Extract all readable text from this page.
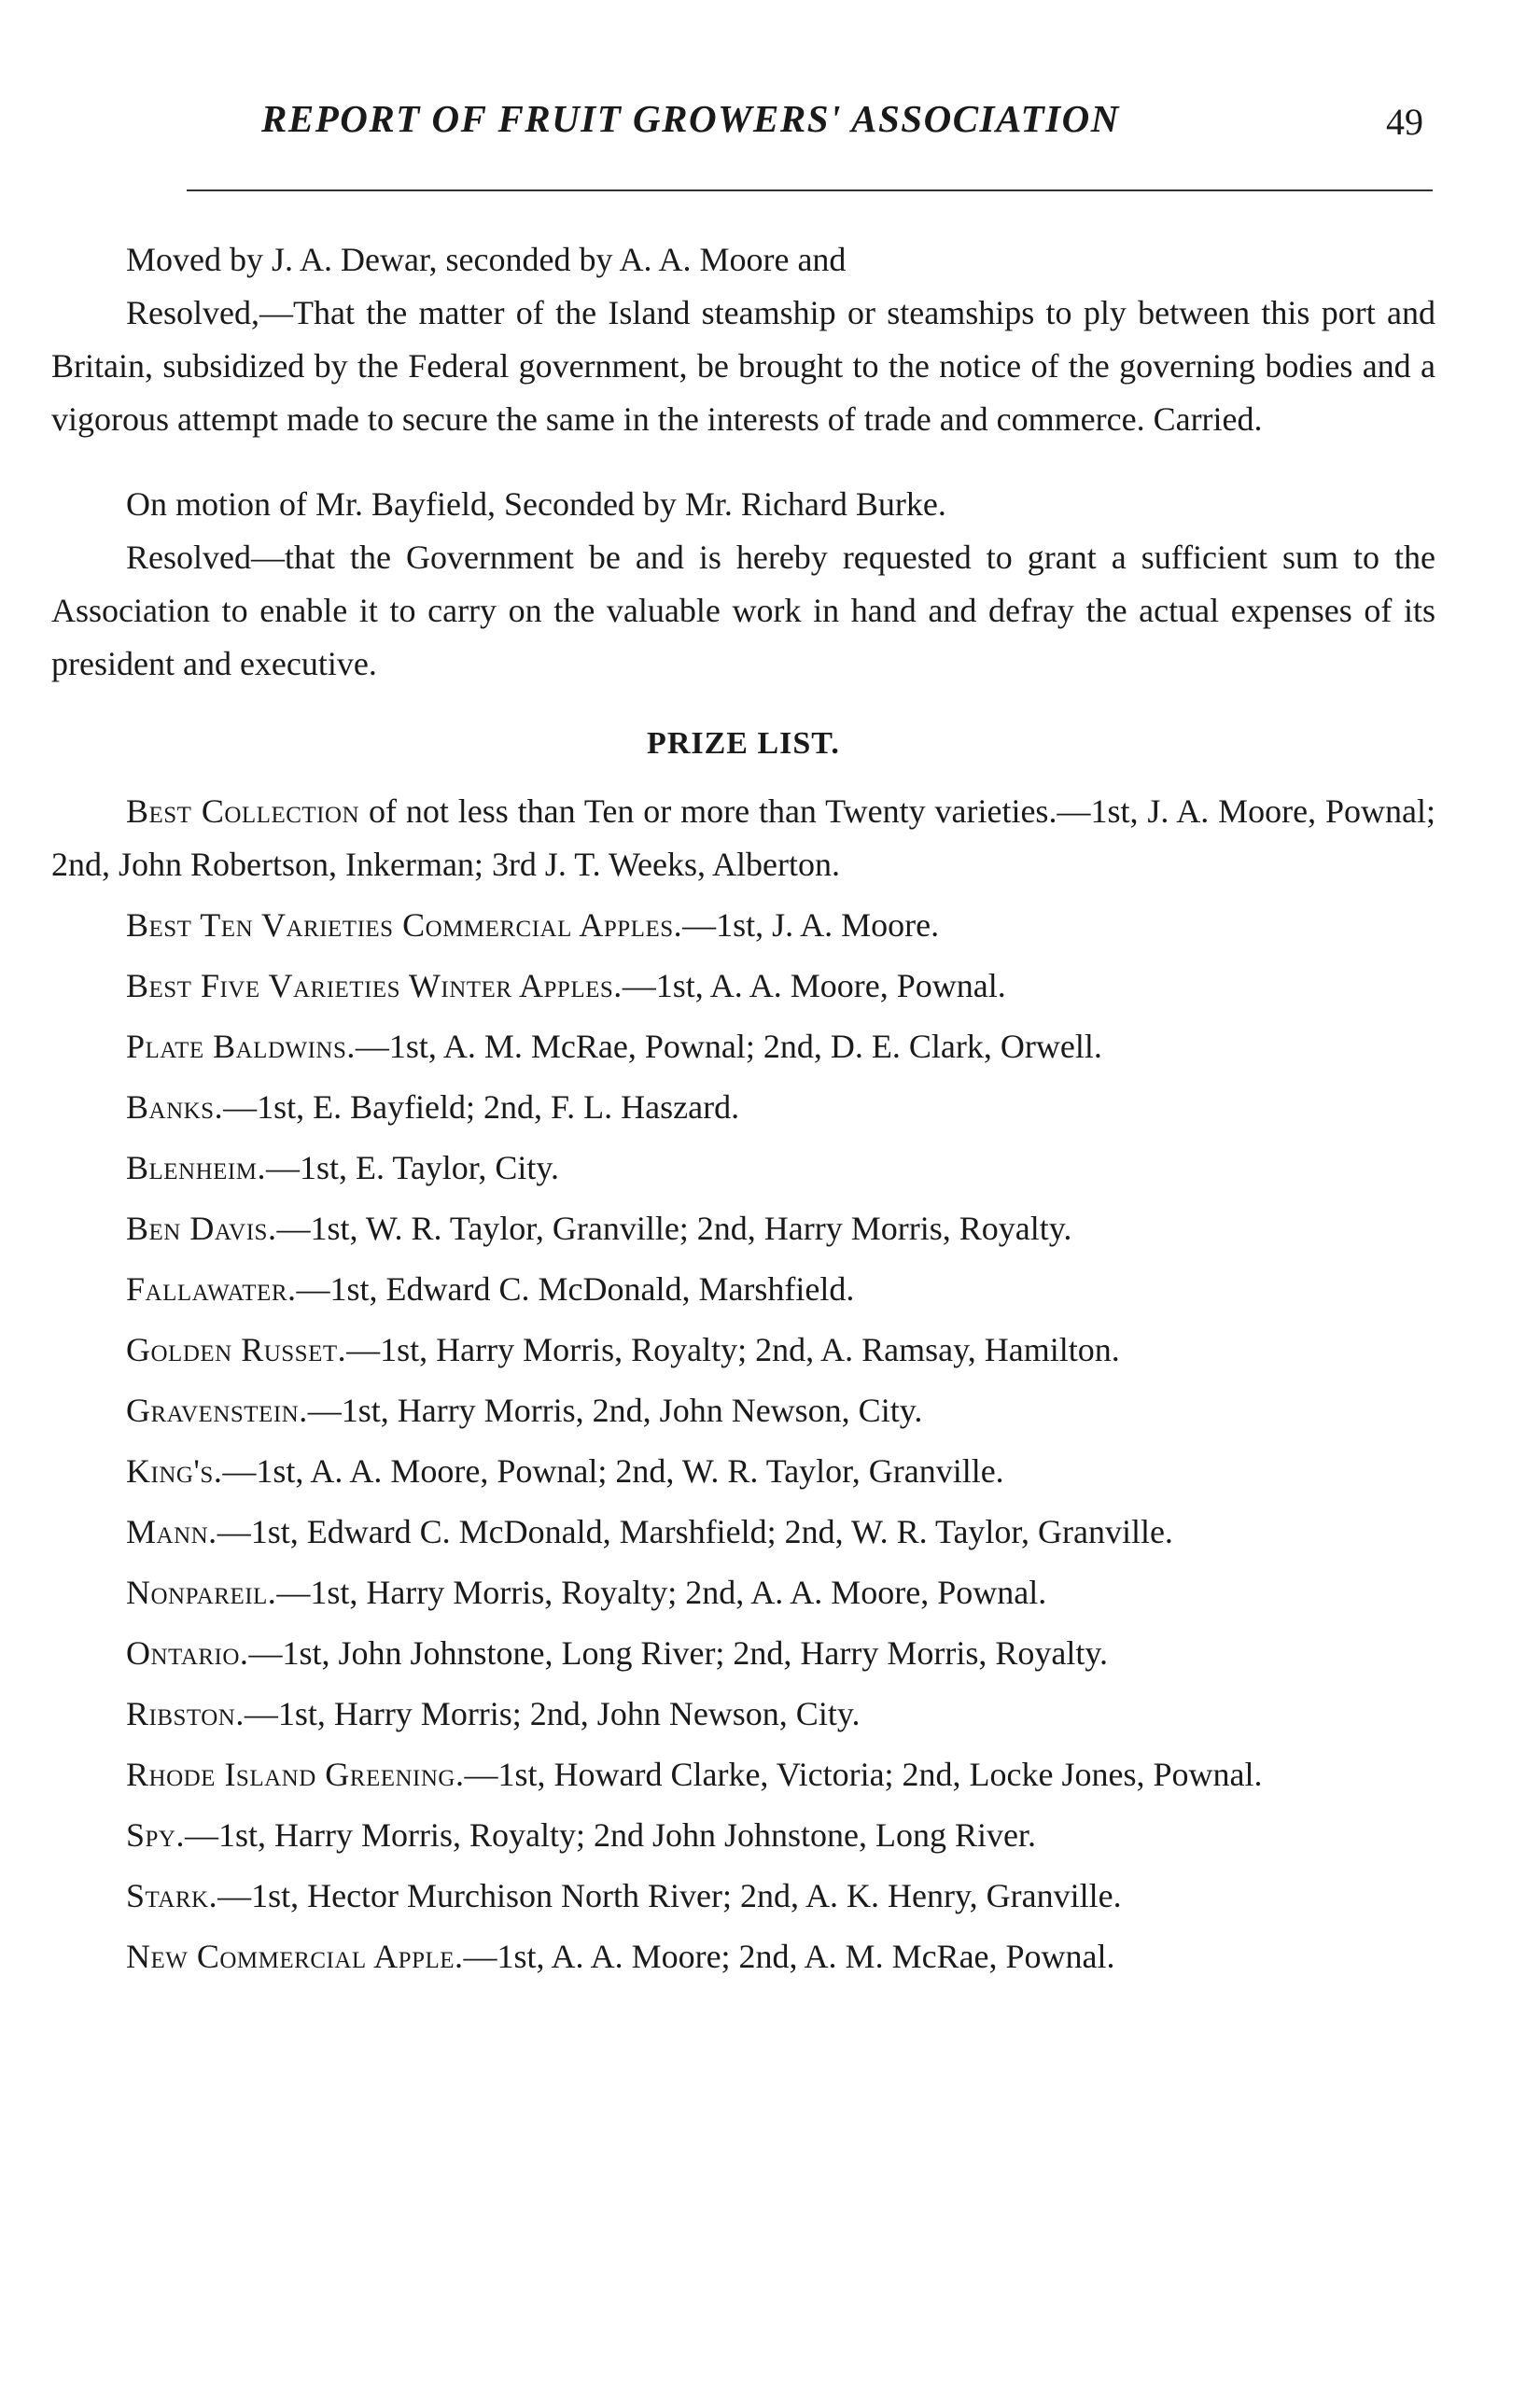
REPORT OF FRUIT GROWERS' ASSOCIATION	49

Moved by J. A. Dewar, seconded by A. A. Moore and

Resolved,—That the matter of the Island steamship or steamships to ply between this port and Britain, subsidized by the Federal government, be brought to the notice of the governing bodies and a vigorous attempt made to secure the same in the interests of trade and commerce. Carried.

On motion of Mr. Bayfield, Seconded by Mr. Richard Burke.

Resolved—that the Government be and is hereby requested to grant a sufficient sum to the Association to enable it to carry on the valuable work in hand and defray the actual expenses of its president and executive.

PRIZE LIST.

Best Collection of not less than Ten or more than Twenty varieties.—1st, J. A. Moore, Pownal; 2nd, John Robertson, Inkerman; 3rd J. T. Weeks, Alberton.

Best Ten Varieties Commercial Apples.—1st, J. A. Moore.

Best Five Varieties Winter Apples.—1st, A. A. Moore, Pownal.

Plate Baldwins.—1st, A. M. McRae, Pownal; 2nd, D. E. Clark, Orwell.

Banks.—1st, E. Bayfield; 2nd, F. L. Haszard.

Blenheim.—1st, E. Taylor, City.

Ben Davis.—1st, W. R. Taylor, Granville; 2nd, Harry Morris, Royalty.

Fallawater.—1st, Edward C. McDonald, Marshfield.

Golden Russet.—1st, Harry Morris, Royalty; 2nd, A. Ramsay, Hamilton.

Gravenstein.—1st, Harry Morris, 2nd, John Newson, City.

King's.—1st, A. A. Moore, Pownal; 2nd, W. R. Taylor, Granville.

Mann.—1st, Edward C. McDonald, Marshfield; 2nd, W. R. Taylor, Granville.

Nonpareil.—1st, Harry Morris, Royalty; 2nd, A. A. Moore, Pownal.

Ontario.—1st, John Johnstone, Long River; 2nd, Harry Morris, Royalty.

Ribston.—1st, Harry Morris; 2nd, John Newson, City.

Rhode Island Greening.—1st, Howard Clarke, Victoria; 2nd, Locke Jones, Pownal.

Spy.—1st, Harry Morris, Royalty; 2nd John Johnstone, Long River.

Stark.—1st, Hector Murchison North River; 2nd, A. K. Henry, Granville.

New Commercial Apple.—1st, A. A. Moore; 2nd, A. M. McRae, Pownal.
